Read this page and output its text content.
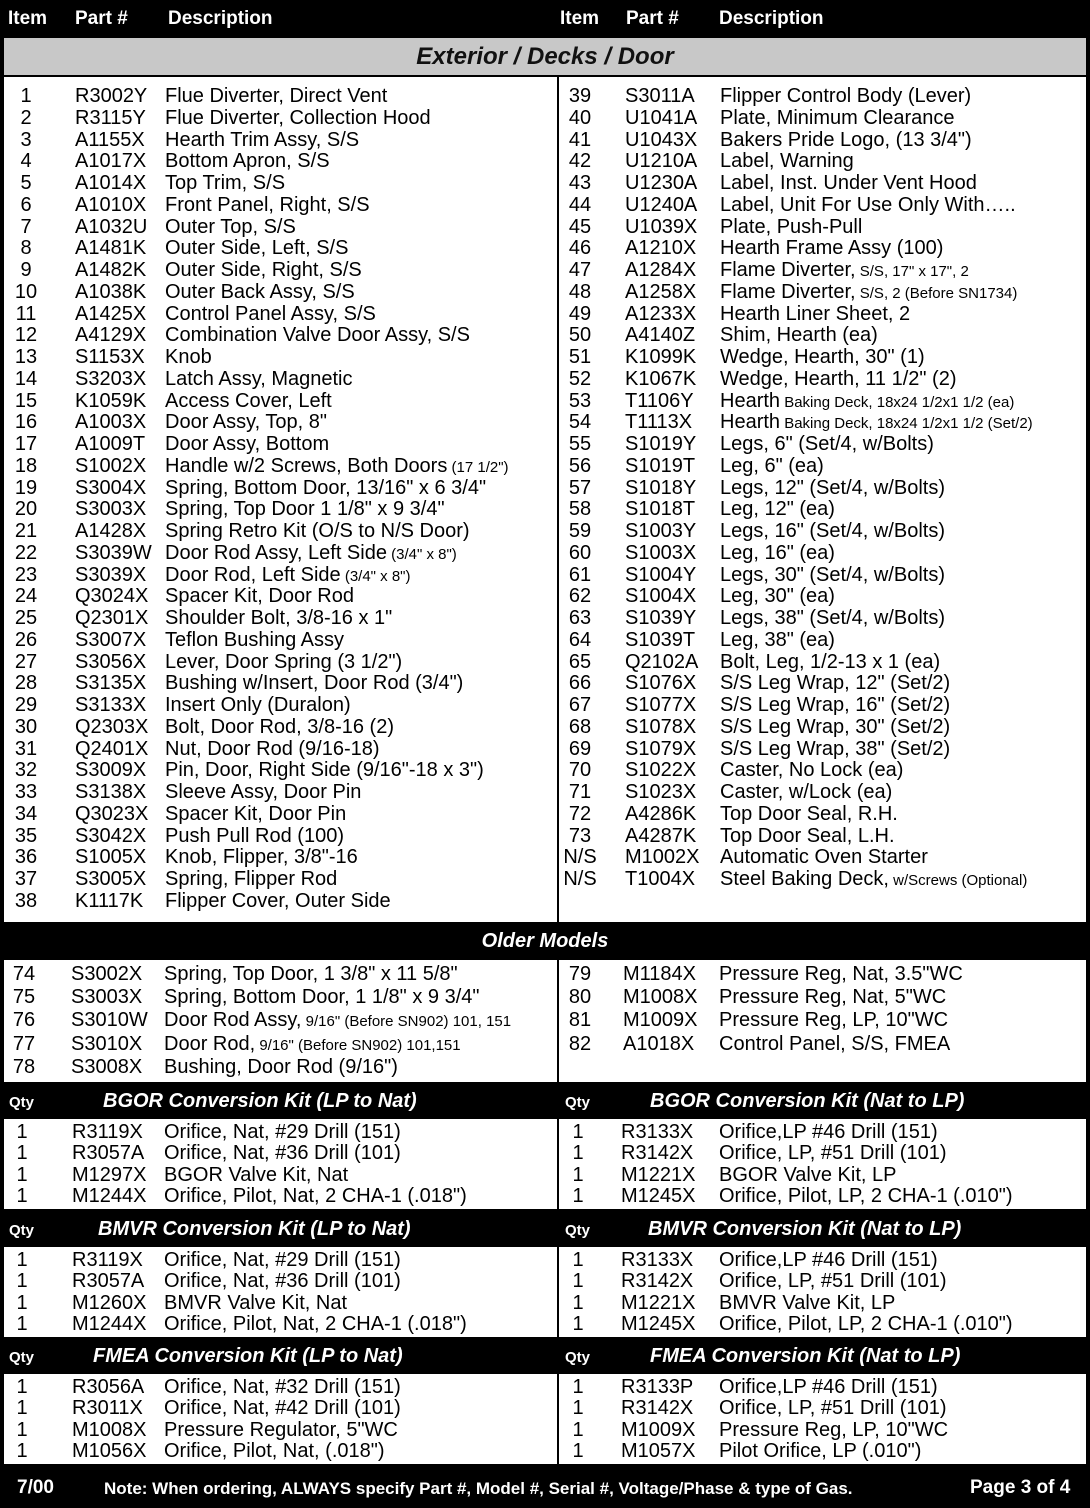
Item Part # Description	Item Part # Description
Exterior / Decks / Door
1	R3002Y Flue Diverter, Direct Vent
2	R3115Y Flue Diverter, Collection Hood
3	A1155X Hearth Trim Assy, S/S
4	A1017X Bottom Apron, S/S
5	A1014X Top Trim, S/S
6	A1010X Front Panel, Right, S/S
7	A1032U Outer Top, S/S
8	A1481K Outer Side, Left, S/S
9	A1482K Outer Side, Right, S/S
10 A1038K Outer Back Assy, S/S
11	A1425X Control Panel Assy, S/S
12 A4129X Combination Valve Door Assy, S/S
13 S1153X Knob
14 S3203X Latch Assy, Magnetic
15 K1059K Access Cover, Left
16 A1003X Door Assy, Top, 8"
17 A1009T Door Assy, Bottom
18 S1002X Handle w/2 Screws, Both Doors (17 1/2")
19 S3004X Spring, Bottom Door, 13/16" x 6 3/4"
20 S3003X Spring, Top Door 1 1/8" x 9 3/4"
21 A1428X Spring Retro Kit (O/S to N/S Door)
22 S3039W Door Rod Assy, Left Side (3/4" x 8")
23 S3039X Door Rod, Left Side (3/4" x 8")
24 Q3024X Spacer Kit, Door Rod
25 Q2301X Shoulder Bolt, 3/8-16 x 1"
26 S3007X Teflon Bushing Assy
27 S3056X Lever, Door Spring (3 1/2")
28 S3135X Bushing w/Insert, Door Rod (3/4")
29 S3133X Insert Only (Duralon)
30 Q2303X Bolt, Door Rod, 3/8-16 (2)
31 Q2401X Nut, Door Rod (9/16-18)
32 S3009X Pin, Door, Right Side (9/16"-18 x 3")
33 S3138X Sleeve Assy, Door Pin
34 Q3023X Spacer Kit, Door Pin
35 S3042X Push Pull Rod (100)
36 S1005X Knob, Flipper, 3/8"-16
37 S3005X Spring, Flipper Rod
38 K1117K Flipper Cover, Outer Side
39 S3011A Flipper Control Body (Lever)
40 U1041A Plate, Minimum Clearance
41 U1043X Bakers Pride Logo, (13 3/4")
42 U1210A Label, Warning
43 U1230A Label, Inst. Under Vent Hood
44 U1240A Label, Unit For Use Only With…..
45 U1039X Plate, Push-Pull
46 A1210X Hearth Frame Assy (100)
47 A1284X Flame Diverter, S/S, 17" x 17", 2
48 A1258X Flame Diverter, S/S, 2 (Before SN1734)
49 A1233X Hearth Liner Sheet, 2
50 A4140Z Shim, Hearth (ea)
51 K1099K Wedge, Hearth, 30" (1)
52 K1067K Wedge, Hearth, 11 1/2" (2)
53 T1106Y Hearth Baking Deck, 18x24 1/2x1 1/2 (ea)
54 T1113X Hearth Baking Deck, 18x24 1/2x1 1/2 (Set/2)
55 S1019Y Legs, 6" (Set/4, w/Bolts)
56 S1019T Leg, 6" (ea)
57 S1018Y Legs, 12" (Set/4, w/Bolts)
58 S1018T Leg, 12" (ea)
59 S1003Y Legs, 16" (Set/4, w/Bolts)
60 S1003X Leg, 16" (ea)
61 S1004Y Legs, 30" (Set/4, w/Bolts)
62 S1004X Leg, 30" (ea)
63 S1039Y Legs, 38" (Set/4, w/Bolts)
64 S1039T Leg, 38" (ea)
65 Q2102A Bolt, Leg, 1/2-13 x 1 (ea)
66 S1076X S/S Leg Wrap, 12" (Set/2)
67 S1077X S/S Leg Wrap, 16" (Set/2)
68 S1078X S/S Leg Wrap, 30" (Set/2)
69 S1079X S/S Leg Wrap, 38" (Set/2)
70 S1022X Caster, No Lock (ea)
71 S1023X Caster, w/Lock (ea)
72 A4286K Top Door Seal, R.H.
73 A4287K Top Door Seal, L.H.
N/S M1002X Automatic Oven Starter
N/S T1004X Steel Baking Deck, w/Screws (Optional)
Older Models
74 S3002X Spring, Top Door, 1 3/8" x 11 5/8"
75 S3003X Spring, Bottom Door, 1 1/8" x 9 3/4"
76 S3010W Door Rod Assy, 9/16" (Before SN902) 101, 151
77 S3010X Door Rod, 9/16" (Before SN902) 101,151
78 S3008X Bushing, Door Rod (9/16")
79 M1184X Pressure Reg, Nat, 3.5"WC
80 M1008X Pressure Reg, Nat, 5"WC
81 M1009X Pressure Reg, LP, 10"WC
82 A1018X Control Panel, S/S, FMEA
Qty	BGOR Conversion Kit (LP to Nat)	Qty	BGOR Conversion Kit (Nat to LP)
1	R3119X Orifice, Nat, #29 Drill (151)
1	R3057A Orifice, Nat, #36 Drill (101)
1	M1297X BGOR Valve Kit, Nat
1	M1244X Orifice, Pilot, Nat, 2 CHA-1 (.018")
1	R3133X Orifice,LP #46 Drill (151)
1	R3142X Orifice, LP, #51 Drill (101)
1	M1221X BGOR Valve Kit, LP
1	M1245X Orifice, Pilot, LP, 2 CHA-1 (.010")
Qty	BMVR Conversion Kit (LP to Nat)	Qty	BMVR Conversion Kit (Nat to LP)
1	R3119X Orifice, Nat, #29 Drill (151)
1	R3057A Orifice, Nat, #36 Drill (101)
1	M1260X BMVR Valve Kit, Nat
1	M1244X Orifice, Pilot, Nat, 2 CHA-1 (.018")
1	R3133X Orifice,LP #46 Drill (151)
1	R3142X Orifice, LP, #51 Drill (101)
1	M1221X BMVR Valve Kit, LP
1	M1245X Orifice, Pilot, LP, 2 CHA-1 (.010")
Qty	FMEA Conversion Kit (LP to Nat)	Qty	FMEA Conversion Kit (Nat to LP)
1	R3056A Orifice, Nat, #32 Drill (151)
1	R3011X Orifice, Nat, #42 Drill (101)
1	M1008X Pressure Regulator, 5"WC
1	M1056X Orifice, Pilot, Nat, (.018")
1	R3133P Orifice,LP #46 Drill (151)
1	R3142X Orifice, LP, #51 Drill (101)
1	M1009X Pressure Reg, LP, 10"WC
1	M1057X Pilot Orifice, LP (.010")
7/00	Note: When ordering, ALWAYS specify Part #, Model #, Serial #, Voltage/Phase & type of Gas.	Page 3 of 4
